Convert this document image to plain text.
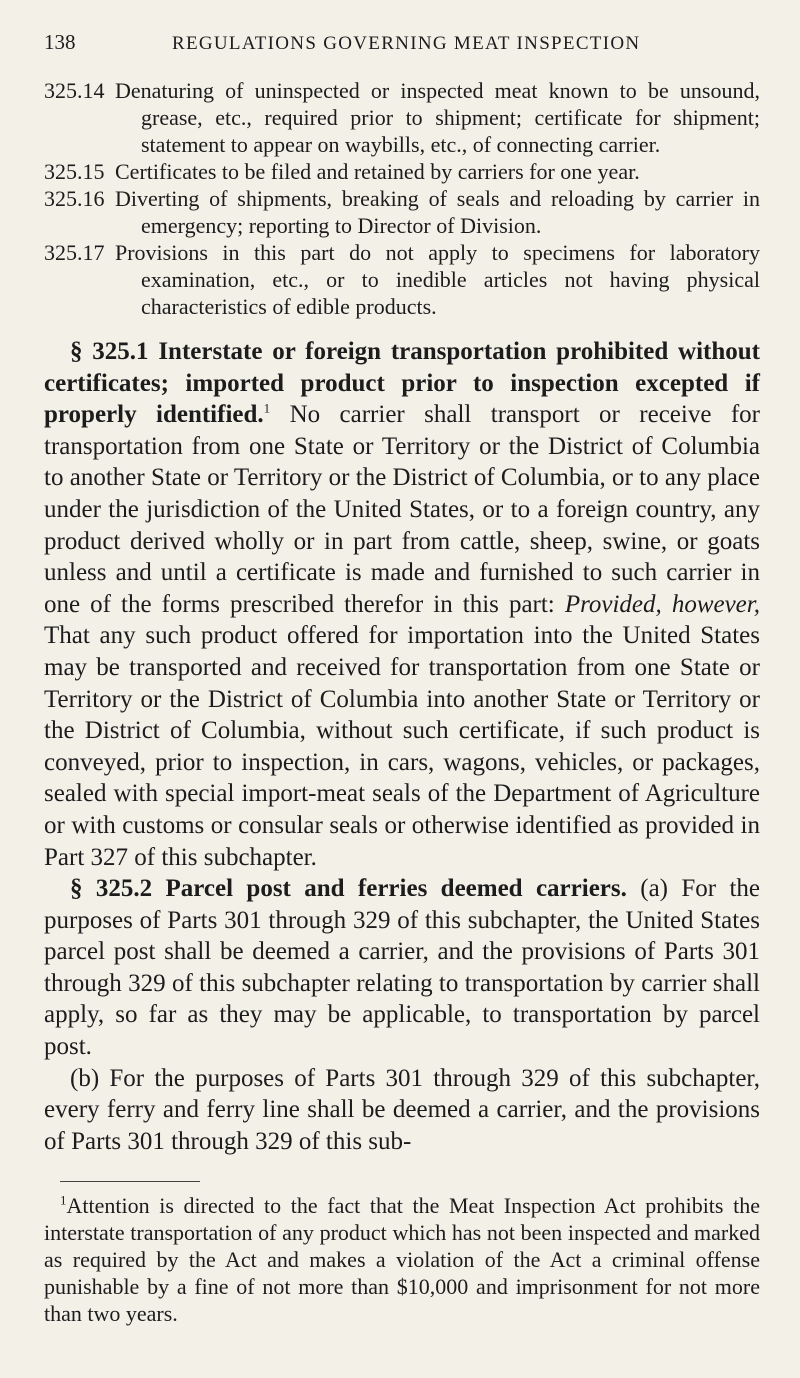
138	REGULATIONS GOVERNING MEAT INSPECTION
325.14 Denaturing of uninspected or inspected meat known to be unsound, grease, etc., required prior to shipment; certificate for shipment; statement to appear on waybills, etc., of connecting carrier.
325.15 Certificates to be filed and retained by carriers for one year.
325.16 Diverting of shipments, breaking of seals and reloading by carrier in emergency; reporting to Director of Division.
325.17 Provisions in this part do not apply to specimens for laboratory examination, etc., or to inedible articles not having physical characteristics of edible products.

§ 325.1 Interstate or foreign transportation prohibited without certificates; imported product prior to inspection excepted if properly identified.$^1$ No carrier shall transport or receive for transportation from one State or Territory or the District of Columbia to another State or Territory or the District of Columbia, or to any place under the jurisdiction of the United States, or to a foreign country, any product derived wholly or in part from cattle, sheep, swine, or goats unless and until a certificate is made and furnished to such carrier in one of the forms prescribed therefor in this part: Provided, however, That any such product offered for importation into the United States may be transported and received for transportation from one State or Territory or the District of Columbia into another State or Territory or the District of Columbia, without such certificate, if such product is conveyed, prior to inspection, in cars, wagons, vehicles, or packages, sealed with special import-meat seals of the Department of Agriculture or with customs or consular seals or otherwise identified as provided in Part 327 of this subchapter.

§ 325.2 Parcel post and ferries deemed carriers. (a) For the purposes of Parts 301 through 329 of this subchapter, the United States parcel post shall be deemed a carrier, and the provisions of Parts 301 through 329 of this subchapter relating to transportation by carrier shall apply, so far as they may be applicable, to transportation by parcel post.

(b) For the purposes of Parts 301 through 329 of this subchapter, every ferry and ferry line shall be deemed a carrier, and the provisions of Parts 301 through 329 of this sub-

$^1$Attention is directed to the fact that the Meat Inspection Act prohibits the interstate transportation of any product which has not been inspected and marked as required by the Act and makes a violation of the Act a criminal offense punishable by a fine of not more than $10,000 and imprisonment for not more than two years.
